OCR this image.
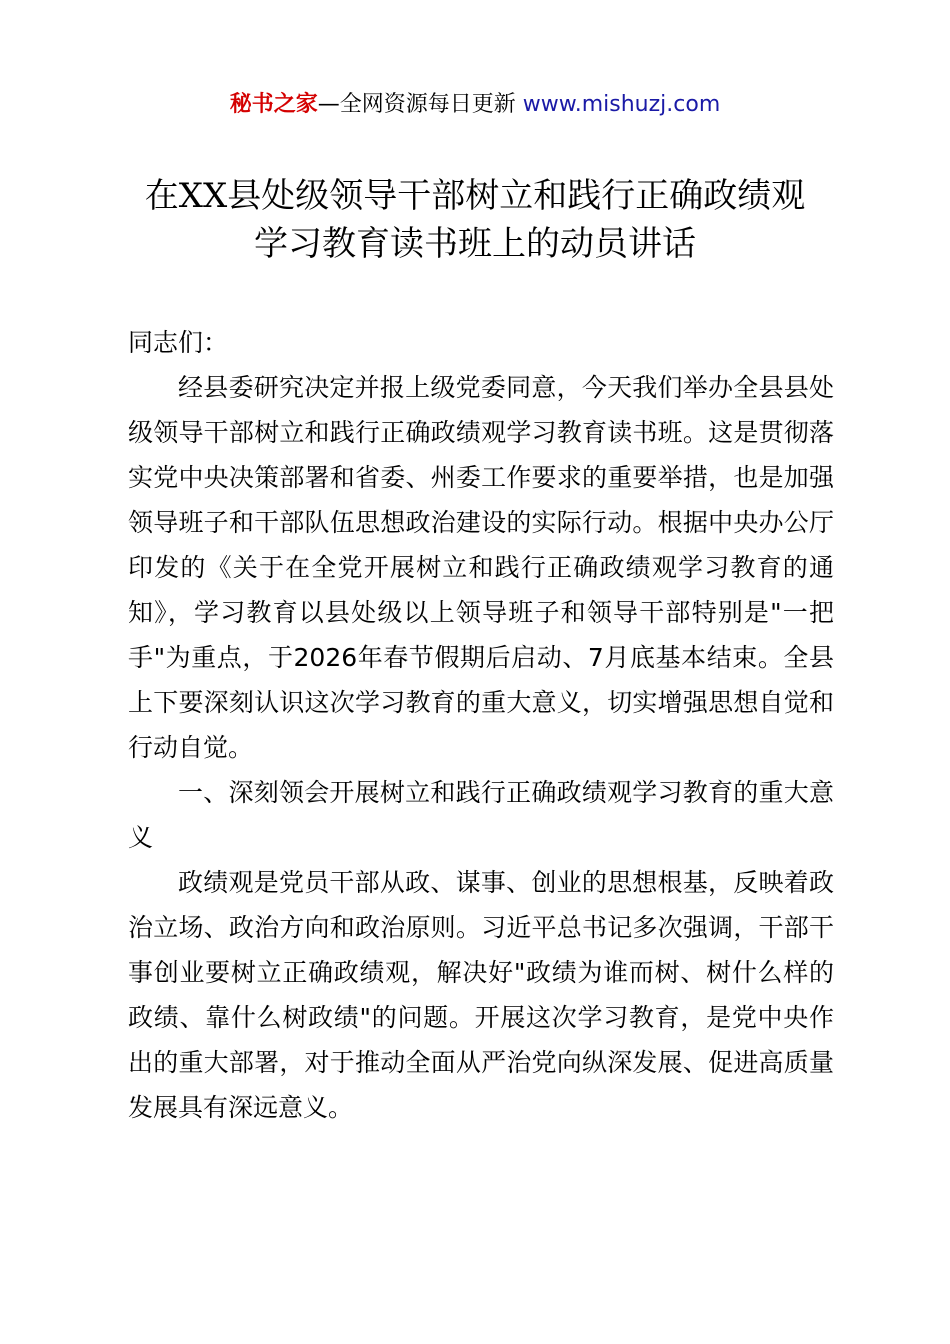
秘书之家—全网资源每日更新 www.mishuzj.com
在XX县处级领导干部树立和践行正确政绩观
学习教育读书班上的动员讲话

同志们：

经县委研究决定并报上级党委同意，今天我们举办全县县处级领导干部树立和践行正确政绩观学习教育读书班。这是贯彻落实党中央决策部署和省委、州委工作要求的重要举措，也是加强领导班子和干部队伍思想政治建设的实际行动。根据中央办公厅印发的《关于在全党开展树立和践行正确政绩观学习教育的通知》，学习教育以县处级以上领导班子和领导干部特别是"一把手"为重点，于2026年春节假期后启动、7月底基本结束。全县上下要深刻认识这次学习教育的重大意义，切实增强思想自觉和行动自觉。

一、深刻领会开展树立和践行正确政绩观学习教育的重大意义

政绩观是党员干部从政、谋事、创业的思想根基，反映着政治立场、政治方向和政治原则。习近平总书记多次强调，干部干事创业要树立正确政绩观，解决好"政绩为谁而树、树什么样的政绩、靠什么树政绩"的问题。开展这次学习教育，是党中央作出的重大部署，对于推动全面从严治党向纵深发展、促进高质量发展具有深远意义。
